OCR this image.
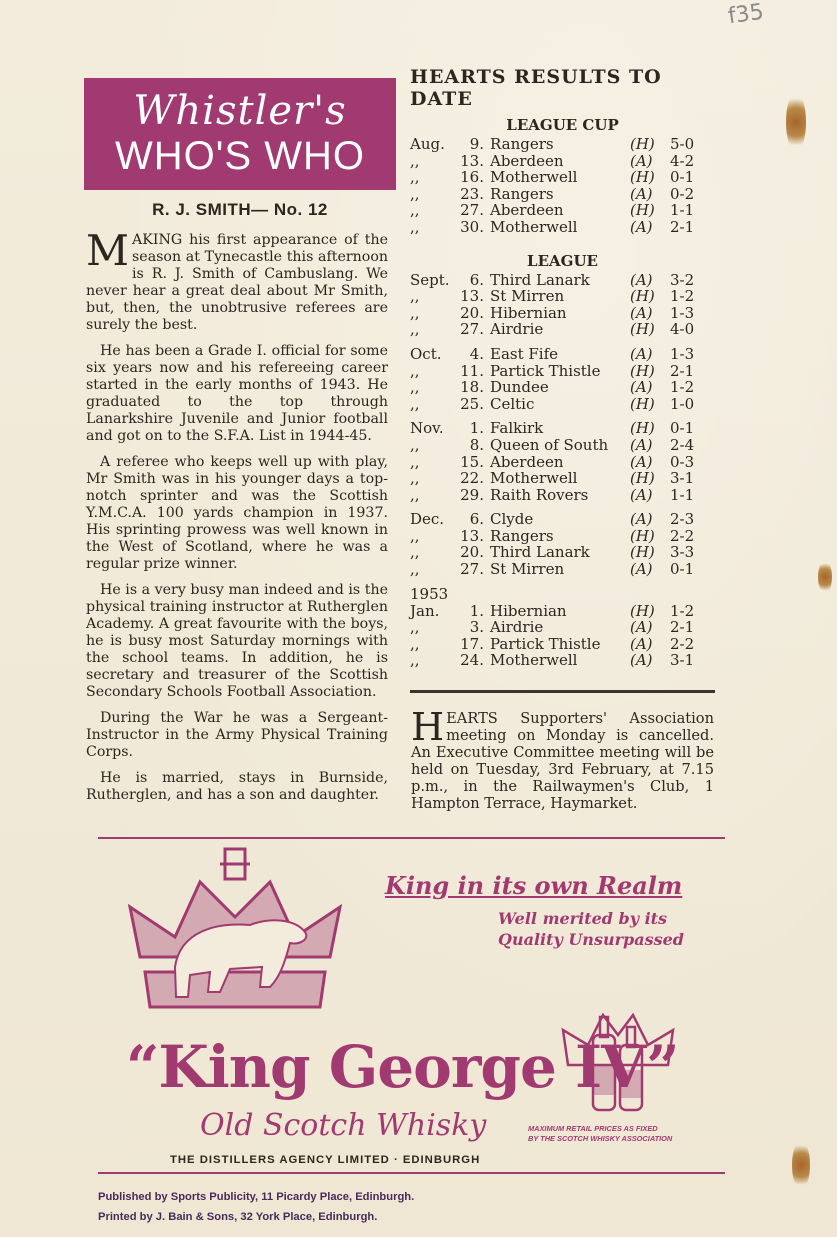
f35
Whistler's
WHO'S WHO
R. J. SMITH— No. 12

MAKING his first appearance of the season at Tynecastle this afternoon is R. J. Smith of Cambuslang. We never hear a great deal about Mr Smith, but, then, the unobtrusive referees are surely the best.

He has been a Grade I. official for some six years now and his refereeing career started in the early months of 1943. He graduated to the top through Lanarkshire Juvenile and Junior football and got on to the S.F.A. List in 1944-45.

A referee who keeps well up with play, Mr Smith was in his younger days a top-notch sprinter and was the Scottish Y.M.C.A. 100 yards champion in 1937. His sprinting prowess was well known in the West of Scotland, where he was a regular prize winner.

He is a very busy man indeed and is the physical training instructor at Rutherglen Academy. A great favourite with the boys, he is busy most Saturday mornings with the school teams. In addition, he is secretary and treasurer of the Scottish Secondary Schools Football Association.

During the War he was a Sergeant-Instructor in the Army Physical Training Corps.

He is married, stays in Burnside, Rutherglen, and has a son and daughter.

HEARTS RESULTS TO DATE
LEAGUE CUP
Aug.	9. Rangers	(H)	5-0
,,	13. Aberdeen	(A)	4-2
,,	16. Motherwell	(H)	0-1
,,	23. Rangers	(A)	0-2
,,	27. Aberdeen	(H)	1-1
,,	30. Motherwell	(A)	2-1
LEAGUE
Sept.	6. Third Lanark	(A)	3-2
,,	13. St Mirren	(H)	1-2
,,	20. Hibernian	(A)	1-3
,,	27. Airdrie	(H)	4-0
Oct.	4. East Fife	(A)	1-3
,,	11. Partick Thistle	(H)	2-1
,,	18. Dundee	(A)	1-2
,,	25. Celtic	(H)	1-0
Nov.	1. Falkirk	(H)	0-1
,,	8. Queen of South	(A)	2-4
,,	15. Aberdeen	(A)	0-3
,,	22. Motherwell	(H)	3-1
,,	29. Raith Rovers	(A)	1-1
Dec.	6. Clyde	(A)	2-3
,,	13. Rangers	(H)	2-2
,,	20. Third Lanark	(H)	3-3
,,	27. St Mirren	(A)	0-1
1953
Jan.	1. Hibernian	(H)	1-2
,,	3. Airdrie	(A)	2-1
,,	17. Partick Thistle	(A)	2-2
,,	24. Motherwell	(A)	3-1
HEARTS Supporters' Association meeting on Monday is cancelled. An Executive Committee meeting will be held on Tuesday, 3rd February, at 7.15 p.m., in the Railwaymen's Club, 1 Hampton Terrace, Haymarket.
King in its own Realm
Well merited by its
Quality Unsurpassed
“King George IV”
Old Scotch Whisky	MAXIMUM RETAIL PRICES AS FIXED
BY THE SCOTCH WHISKY ASSOCIATION
THE DISTILLERS AGENCY LIMITED · EDINBURGH
Published by Sports Publicity, 11 Picardy Place, Edinburgh.
Printed by J. Bain & Sons, 32 York Place, Edinburgh.
